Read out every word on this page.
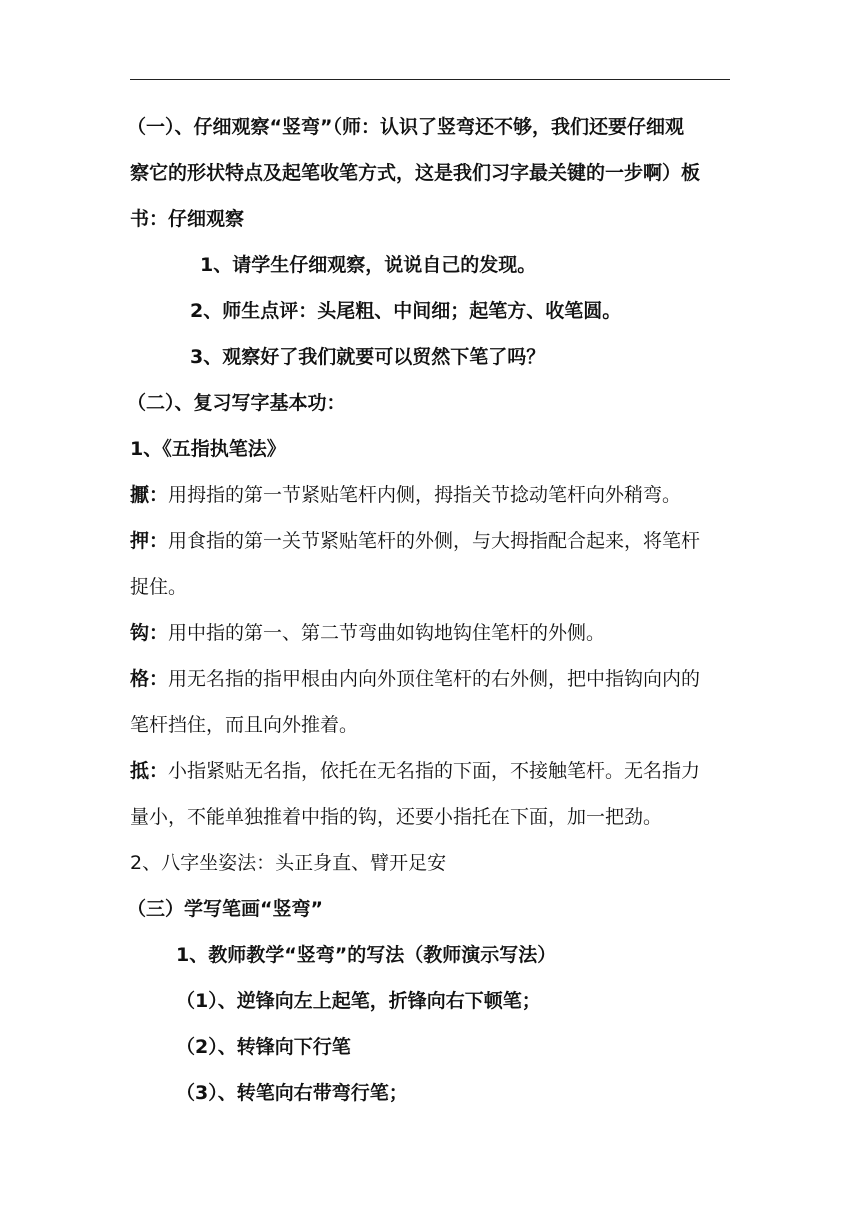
（一）、仔细观察“竖弯”（师：认识了竖弯还不够，我们还要仔细观
察它的形状特点及起笔收笔方式，这是我们习字最关键的一步啊）板
书：仔细观察
1、请学生仔细观察，说说自己的发现。
2、师生点评：头尾粗、中间细；起笔方、收笔圆。
3、观察好了我们就要可以贸然下笔了吗？
（二）、复习写字基本功：
1、《五指执笔法》
擫：用拇指的第一节紧贴笔杆内侧，拇指关节捻动笔杆向外稍弯。
押：用食指的第一关节紧贴笔杆的外侧，与大拇指配合起来，将笔杆
捉住。
钩：用中指的第一、第二节弯曲如钩地钩住笔杆的外侧。
格：用无名指的指甲根由内向外顶住笔杆的右外侧，把中指钩向内的
笔杆挡住，而且向外推着。
抵：小指紧贴无名指，依托在无名指的下面，不接触笔杆。无名指力
量小，不能单独推着中指的钩，还要小指托在下面，加一把劲。
2、八字坐姿法：头正身直、臂开足安
（三）学写笔画“竖弯”
1、教师教学“竖弯”的写法（教师演示写法）
（1）、逆锋向左上起笔，折锋向右下顿笔；
（2）、转锋向下行笔
（3）、转笔向右带弯行笔；
